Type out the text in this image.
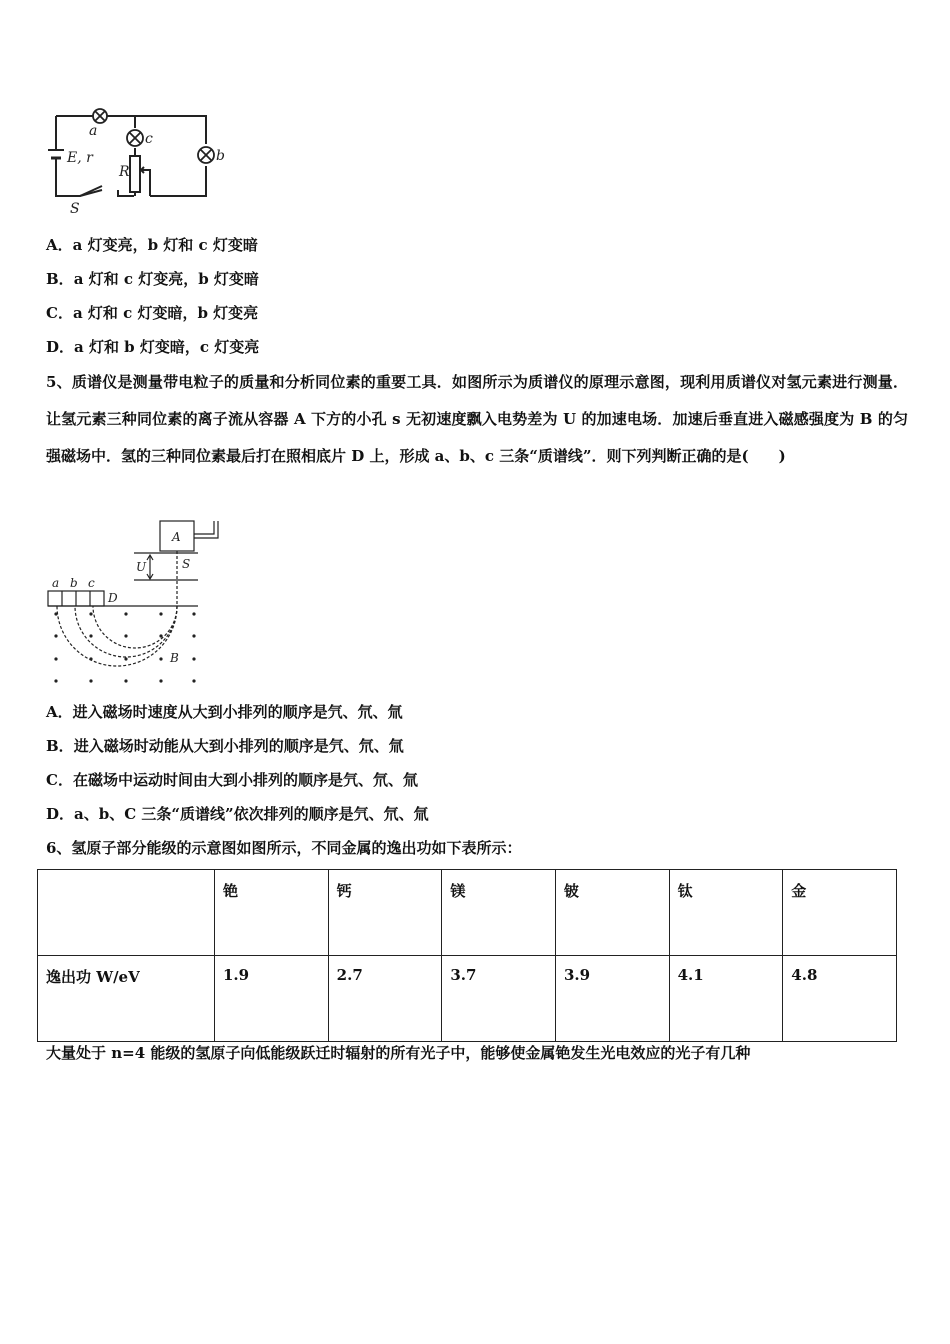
a	c
b
E, r
R
S
A．a 灯变亮，b 灯和 c 灯变暗
B．a 灯和 c 灯变亮，b 灯变暗
C．a 灯和 c 灯变暗，b 灯变亮
D．a 灯和 b 灯变暗，c 灯变亮
5、质谱仪是测量带电粒子的质量和分析同位素的重要工具．如图所示为质谱仪的原理示意图，现利用质谱仪对氢元素进行测量．让氢元素三种同位素的离子流从容器 A 下方的小孔 s 无初速度飘入电势差为 U 的加速电场．加速后垂直进入磁感强度为 B 的匀强磁场中．氢的三种同位素最后打在照相底片 D 上，形成 a、b、c 三条“质谱线”．则下列判断正确的是(　　)
A
U	S
D
B
a b c
A．进入磁场时速度从大到小排列的顺序是氕、氘、氚
B．进入磁场时动能从大到小排列的顺序是氕、氘、氚
C．在磁场中运动时间由大到小排列的顺序是氕、氘、氚
D．a、b、C 三条“质谱线”依次排列的顺序是氕、氘、氚
6、氢原子部分能级的示意图如图所示，不同金属的逸出功如下表所示：
	铯	钙	镁	铍	钛	金
逸出功 W/eV	1.9	2.7	3.7	3.9	4.1	4.8
大量处于 n=4 能级的氢原子向低能级跃迁时辐射的所有光子中，能够使金属铯发生光电效应的光子有几种
